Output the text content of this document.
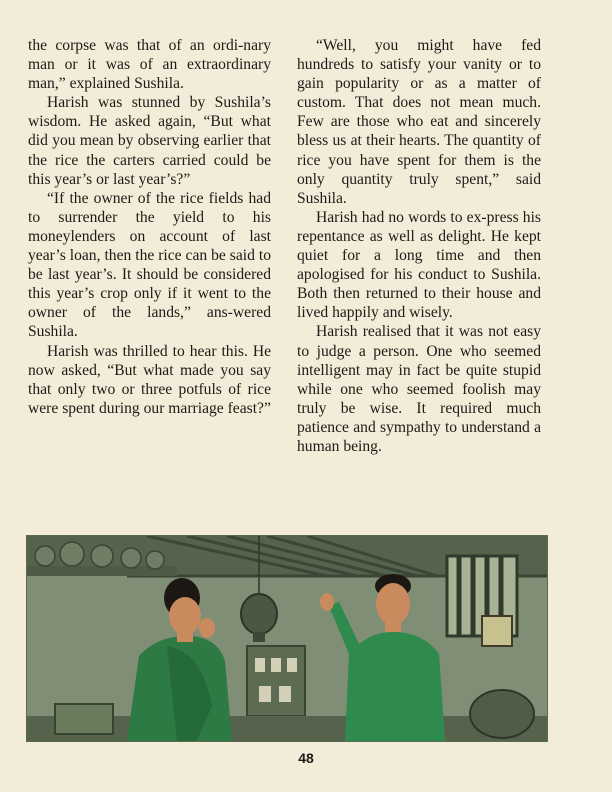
the corpse was that of an ordi-nary man or it was of an extraordinary man,” explained Sushila.

Harish was stunned by Sushila’s wisdom. He asked again, “But what did you mean by observing earlier that the rice the carters carried could be this year’s or last year’s?”

“If the owner of the rice fields had to surrender the yield to his moneylenders on account of last year’s loan, then the rice can be said to be last year’s. It should be considered this year’s crop only if it went to the owner of the lands,” ans-wered Sushila.

Harish was thrilled to hear this. He now asked, “But what made you say that only two or three potfuls of rice were spent during our marriage feast?”

“Well, you might have fed hundreds to satisfy your vanity or to gain popularity or as a matter of custom. That does not mean much. Few are those who eat and sincerely bless us at their hearts. The quantity of rice you have spent for them is the only quantity truly spent,” said Sushila.

Harish had no words to ex-press his repentance as well as delight. He kept quiet for a long time and then apologised for his conduct to Sushila. Both then returned to their house and lived happily and wisely.

Harish realised that it was not easy to judge a person. One who seemed intelligent may in fact be quite stupid while one who seemed foolish may truly be wise. It required much patience and sympathy to understand a human being.

48
